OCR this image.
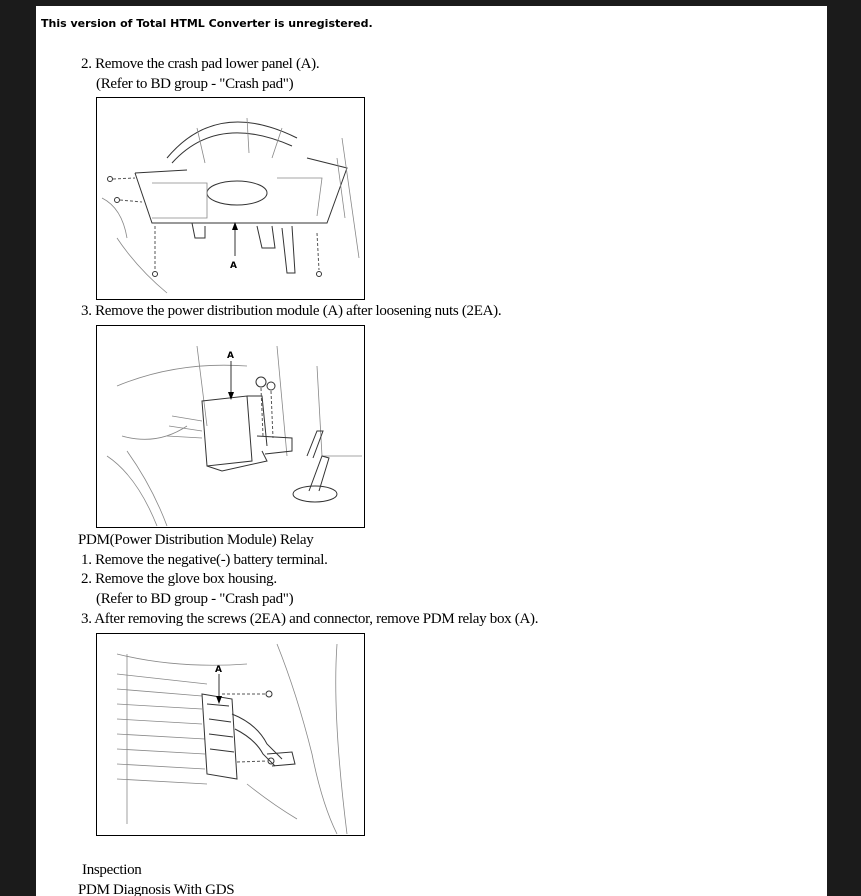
This version of Total HTML Converter is unregistered.
2. Remove the crash pad lower panel (A).
(Refer to BD group - "Crash pad")
A
3. Remove the power distribution module (A) after loosening nuts (2EA).
A
PDM(Power Distribution Module) Relay
1. Remove the negative(-) battery terminal.
2. Remove the glove box housing.
(Refer to BD group - "Crash pad")
3. After removing the screws (2EA) and connector, remove PDM relay box (A).
A
Inspection
PDM Diagnosis With GDS
